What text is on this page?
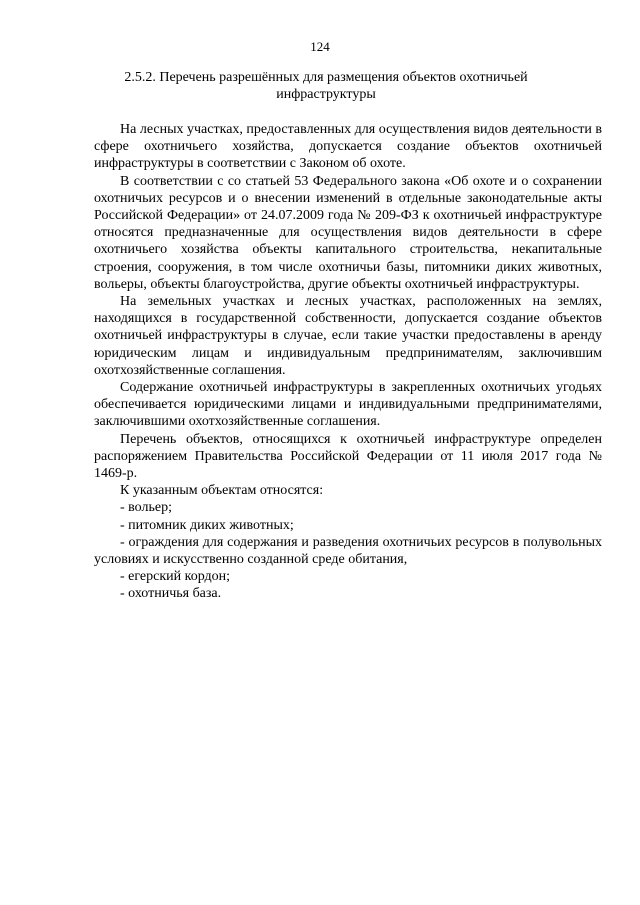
124
2.5.2. Перечень разрешённых для размещения объектов охотничьей инфраструктуры

На лесных участках, предоставленных для осуществления видов деятельности в сфере охотничьего хозяйства, допускается создание объектов охотничьей инфраструктуры в соответствии с Законом об охоте.

В соответствии с со статьей 53 Федерального закона «Об охоте и о сохранении охотничьих ресурсов и о внесении изменений в отдельные законодательные акты Российской Федерации» от 24.07.2009 года № 209-ФЗ к охотничьей инфраструктуре относятся предназначенные для осуществления видов деятельности в сфере охотничьего хозяйства объекты капитального строительства, некапитальные строения, сооружения, в том числе охотничьи базы, питомники диких животных, вольеры, объекты благоустройства, другие объекты охотничьей инфраструктуры.

На земельных участках и лесных участках, расположенных на землях, находящихся в государственной собственности, допускается создание объектов охотничьей инфраструктуры в случае, если такие участки предоставлены в аренду юридическим лицам и индивидуальным предпринимателям, заключившим охотхозяйственные соглашения.

Содержание охотничьей инфраструктуры в закрепленных охотничьих угодьях обеспечивается юридическими лицами и индивидуальными предпринимателями, заключившими охотхозяйственные соглашения.

Перечень объектов, относящихся к охотничьей инфраструктуре определен распоряжением Правительства Российской Федерации от 11 июля 2017 года № 1469-р.

К указанным объектам относятся:

- вольер;

- питомник диких животных;

- ограждения для содержания и разведения охотничьих ресурсов в полувольных условиях и искусственно созданной среде обитания,

- егерский кордон;

- охотничья база.
